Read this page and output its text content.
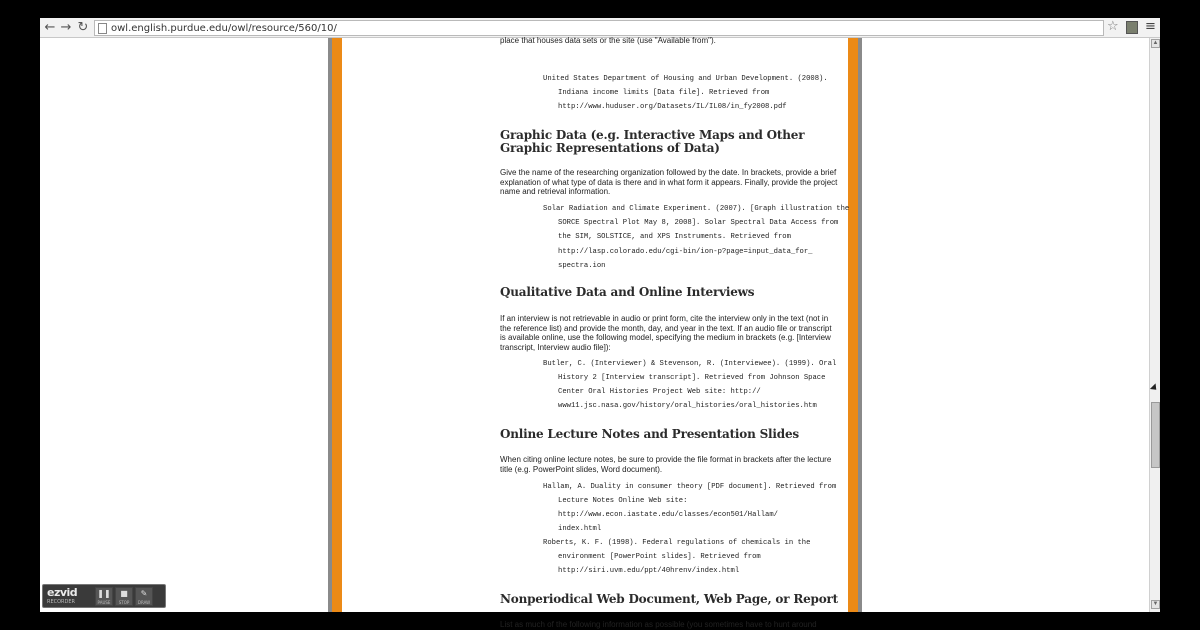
← → ↻ owl.english.purdue.edu/owl/resource/560/10/	☆ ≡
place that houses data sets or the site (use "Available from").
United States Department of Housing and Urban Development. (2008).
Indiana income limits [Data file]. Retrieved from
http://www.huduser.org/Datasets/IL/IL08/in_fy2008.pdf
Graphic Data (e.g. Interactive Maps and Other Graphic Representations of Data)
Give the name of the researching organization followed by the date. In brackets, provide a brief explanation of what type of data is there and in what form it appears. Finally, provide the project name and retrieval information.
Solar Radiation and Climate Experiment. (2007). [Graph illustration the
SORCE Spectral Plot May 8, 2008]. Solar Spectral Data Access from
the SIM, SOLSTICE, and XPS Instruments. Retrieved from
http://lasp.colorado.edu/cgi-bin/ion-p?page=input_data_for_
spectra.ion
Qualitative Data and Online Interviews
If an interview is not retrievable in audio or print form, cite the interview only in the text (not in the reference list) and provide the month, day, and year in the text. If an audio file or transcript is available online, use the following model, specifying the medium in brackets (e.g. [Interview transcript, Interview audio file]):
Butler, C. (Interviewer) & Stevenson, R. (Interviewee). (1999). Oral
History 2 [Interview transcript]. Retrieved from Johnson Space
Center Oral Histories Project Web site: http://
www11.jsc.nasa.gov/history/oral_histories/oral_histories.htm
Online Lecture Notes and Presentation Slides
When citing online lecture notes, be sure to provide the file format in brackets after the lecture title (e.g. PowerPoint slides, Word document).
Hallam, A. Duality in consumer theory [PDF document]. Retrieved from
Lecture Notes Online Web site:
http://www.econ.iastate.edu/classes/econ501/Hallam/
index.html
Roberts, K. F. (1998). Federal regulations of chemicals in the
environment [PowerPoint slides]. Retrieved from
http://siri.uvm.edu/ppt/40hrenv/index.html
Nonperiodical Web Document, Web Page, or Report
List as much of the following information as possible (you sometimes have to hunt around
▲
▼
ezvid
RECORDER
❚❚
PAUSE
■
STOP
✎
DRAW
